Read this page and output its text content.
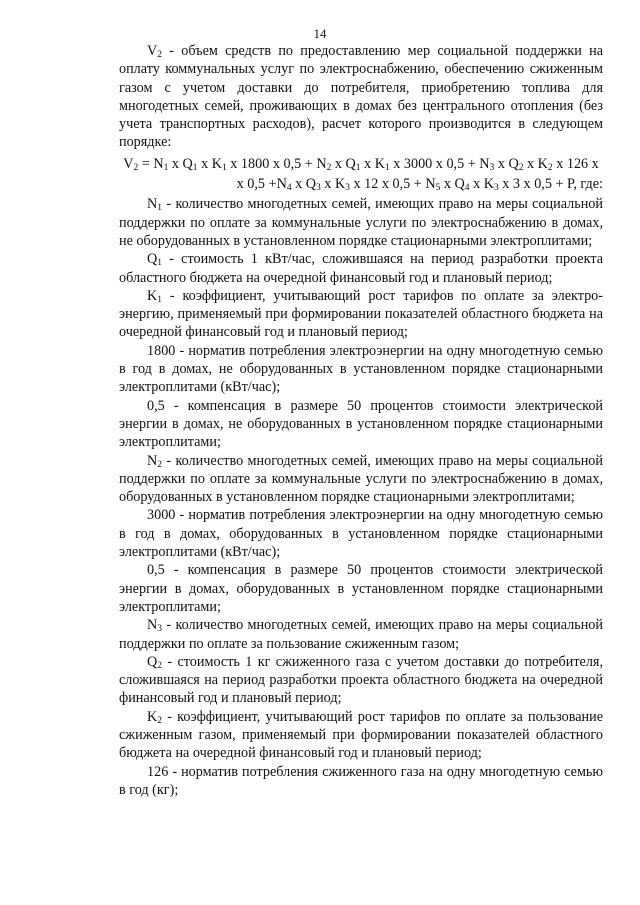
14

$V_2$ - объем средств по предоставлению мер социальной поддержки на оплату коммунальных услуг по электроснабжению, обеспечению сжиженным газом с учетом доставки до потребителя, приобретению топлива для многодетных семей, проживающих в домах без центрального отопления (без учета транспортных расходов), расчет которого производится в следующем порядке:

$V_2 = N_1$ x $Q_1$ x $K_1$ x 1800 x $0,5 + N_2$ x $Q_1$ x $K_1$ x 3000 x $0,5 + N_3$ x $Q_2$ x $K_2$ x 126 x

x $0,5 +N_4$ x $Q_3$ x $K_3$ x 12 x $0,5 + N_5$ x $Q_4$ x $K_3$ x 3 x 0,5 + P, где:

$N_1$ - количество многодетных семей, имеющих право на меры социальной поддержки по оплате за коммунальные услуги по электроснабжению в домах, не оборудованных в установленном порядке стационарными электроплитами;

$Q_1$ - стоимость 1 кВт/час, сложившаяся на период разработки проекта областного бюджета на очередной финансовый год и плановый период;

$K_1$ - коэффициент, учитывающий рост тарифов по оплате за электроэнергию, применяемый при формировании показателей областного бюджета на очередной финансовый год и плановый период;

1800 - норматив потребления электроэнергии на одну многодетную семью в год в домах, не оборудованных в установленном порядке стационарными электроплитами (кВт/час);

0,5 - компенсация в размере 50 процентов стоимости электрической энергии в домах, не оборудованных в установленном порядке стационарными электроплитами;

$N_2$ - количество многодетных семей, имеющих право на меры социальной поддержки по оплате за коммунальные услуги по электроснабжению в домах, оборудованных в установленном порядке стационарными электроплитами;

3000 - норматив потребления электроэнергии на одну многодетную семью в год в домах, оборудованных в установленном порядке стационарными электроплитами (кВт/час);

0,5 - компенсация в размере 50 процентов стоимости электрической энергии в домах, оборудованных в установленном порядке стационарными электроплитами;

$N_3$ - количество многодетных семей, имеющих право на меры социальной поддержки по оплате за пользование сжиженным газом;

$Q_2$ - стоимость 1 кг сжиженного газа с учетом доставки до потребителя, сложившаяся на период разработки проекта областного бюджета на очередной финансовый год и плановый период;

$K_2$ - коэффициент, учитывающий рост тарифов по оплате за пользование сжиженным газом, применяемый при формировании показателей областного бюджета на очередной финансовый год и плановый период;

126 - норматив потребления сжиженного газа на одну многодетную семью в год (кг);
